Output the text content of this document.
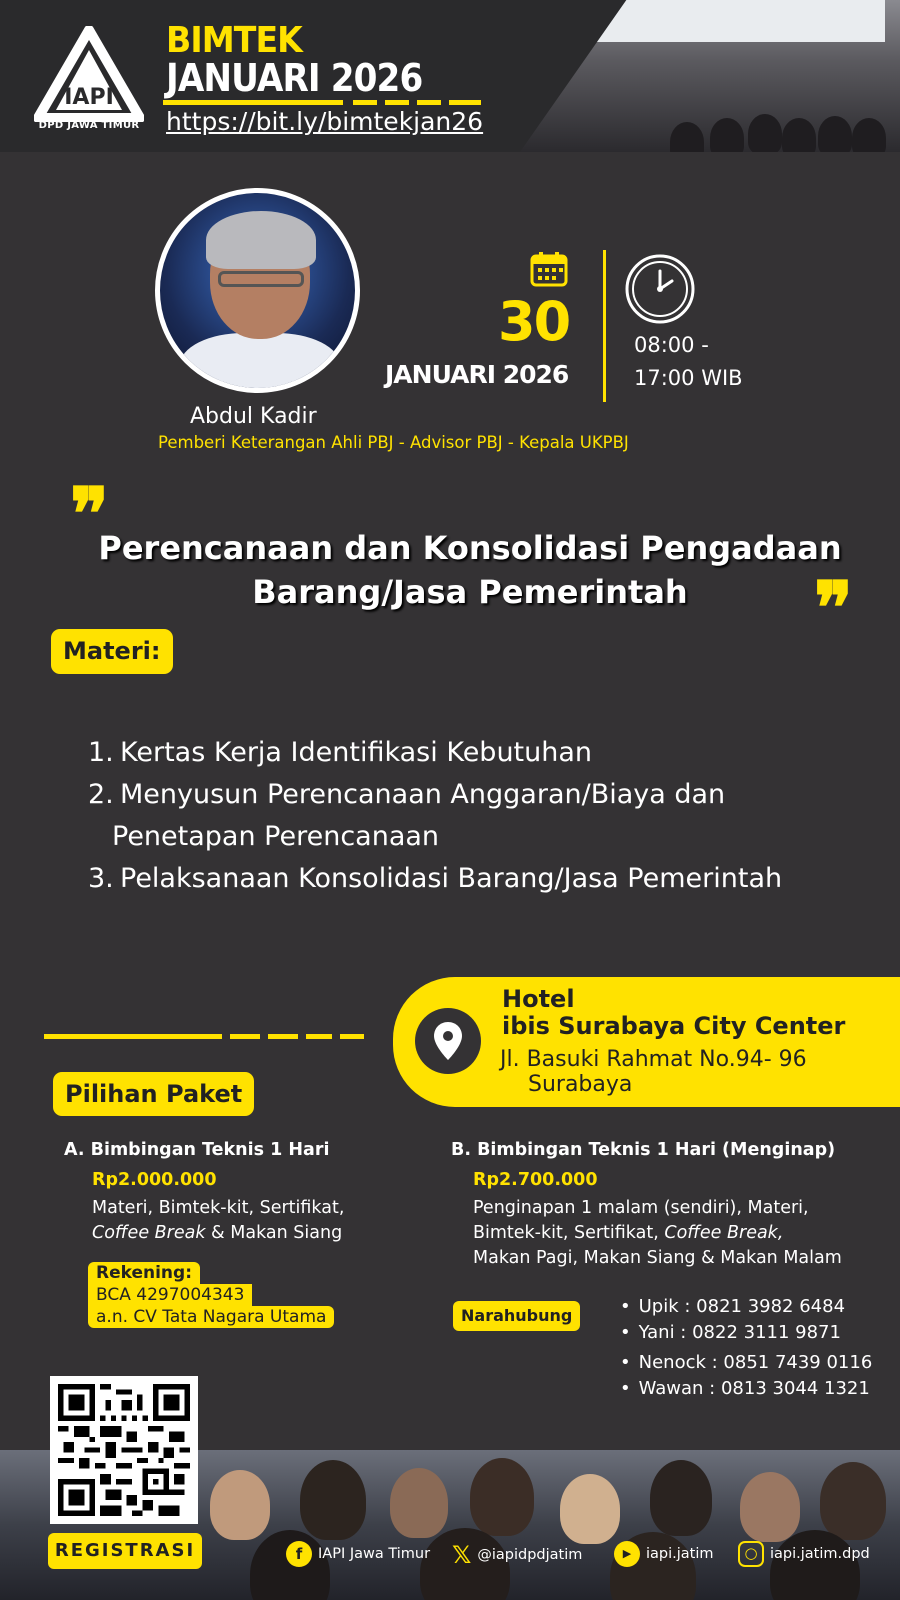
IAPI
DPD JAWA TIMUR
BIMTEK
JANUARI 2026
https://bit.ly/bimtekjan26
Abdul Kadir
Pemberi Keterangan Ahli PBJ - Advisor PBJ - Kepala UKPBJ
30
JANUARI 2026
08:00 -
17:00 WIB
❞
Perencanaan dan Konsolidasi Pengadaan
Barang/Jasa Pemerintah	❞
Materi:
1. Kertas Kerja Identifikasi Kebutuhan
2. Menyusun Perencanaan Anggaran/Biaya dan
Penetapan Perencanaan
3. Pelaksanaan Konsolidasi Barang/Jasa Pemerintah
Hotel
ibis Surabaya City Center
Jl. Basuki Rahmat No.94- 96
Surabaya
Pilihan Paket
A. Bimbingan Teknis 1 Hari
Rp2.000.000
Materi, Bimtek-kit, Sertifikat,
Coffee Break & Makan Siang
B. Bimbingan Teknis 1 Hari (Menginap)
Rp2.700.000
Penginapan 1 malam (sendiri), Materi,
Bimtek-kit, Sertifikat, Coffee Break,
Makan Pagi, Makan Siang & Makan Malam
Rekening:
BCA 4297004343
a.n. CV Tata Nagara Utama	Narahubung
•	Upik : 0821 3982 6484
• Yani : 0822 3111 9871
• Nenock : 0851 7439 0116
• Wawan : 0813 3044 1321
REGISTRASI	f	IAPI Jawa Timur 𝕏 @iapidpdjatim	▶	iapi.jatim	○ iapi.jatim.dpd
